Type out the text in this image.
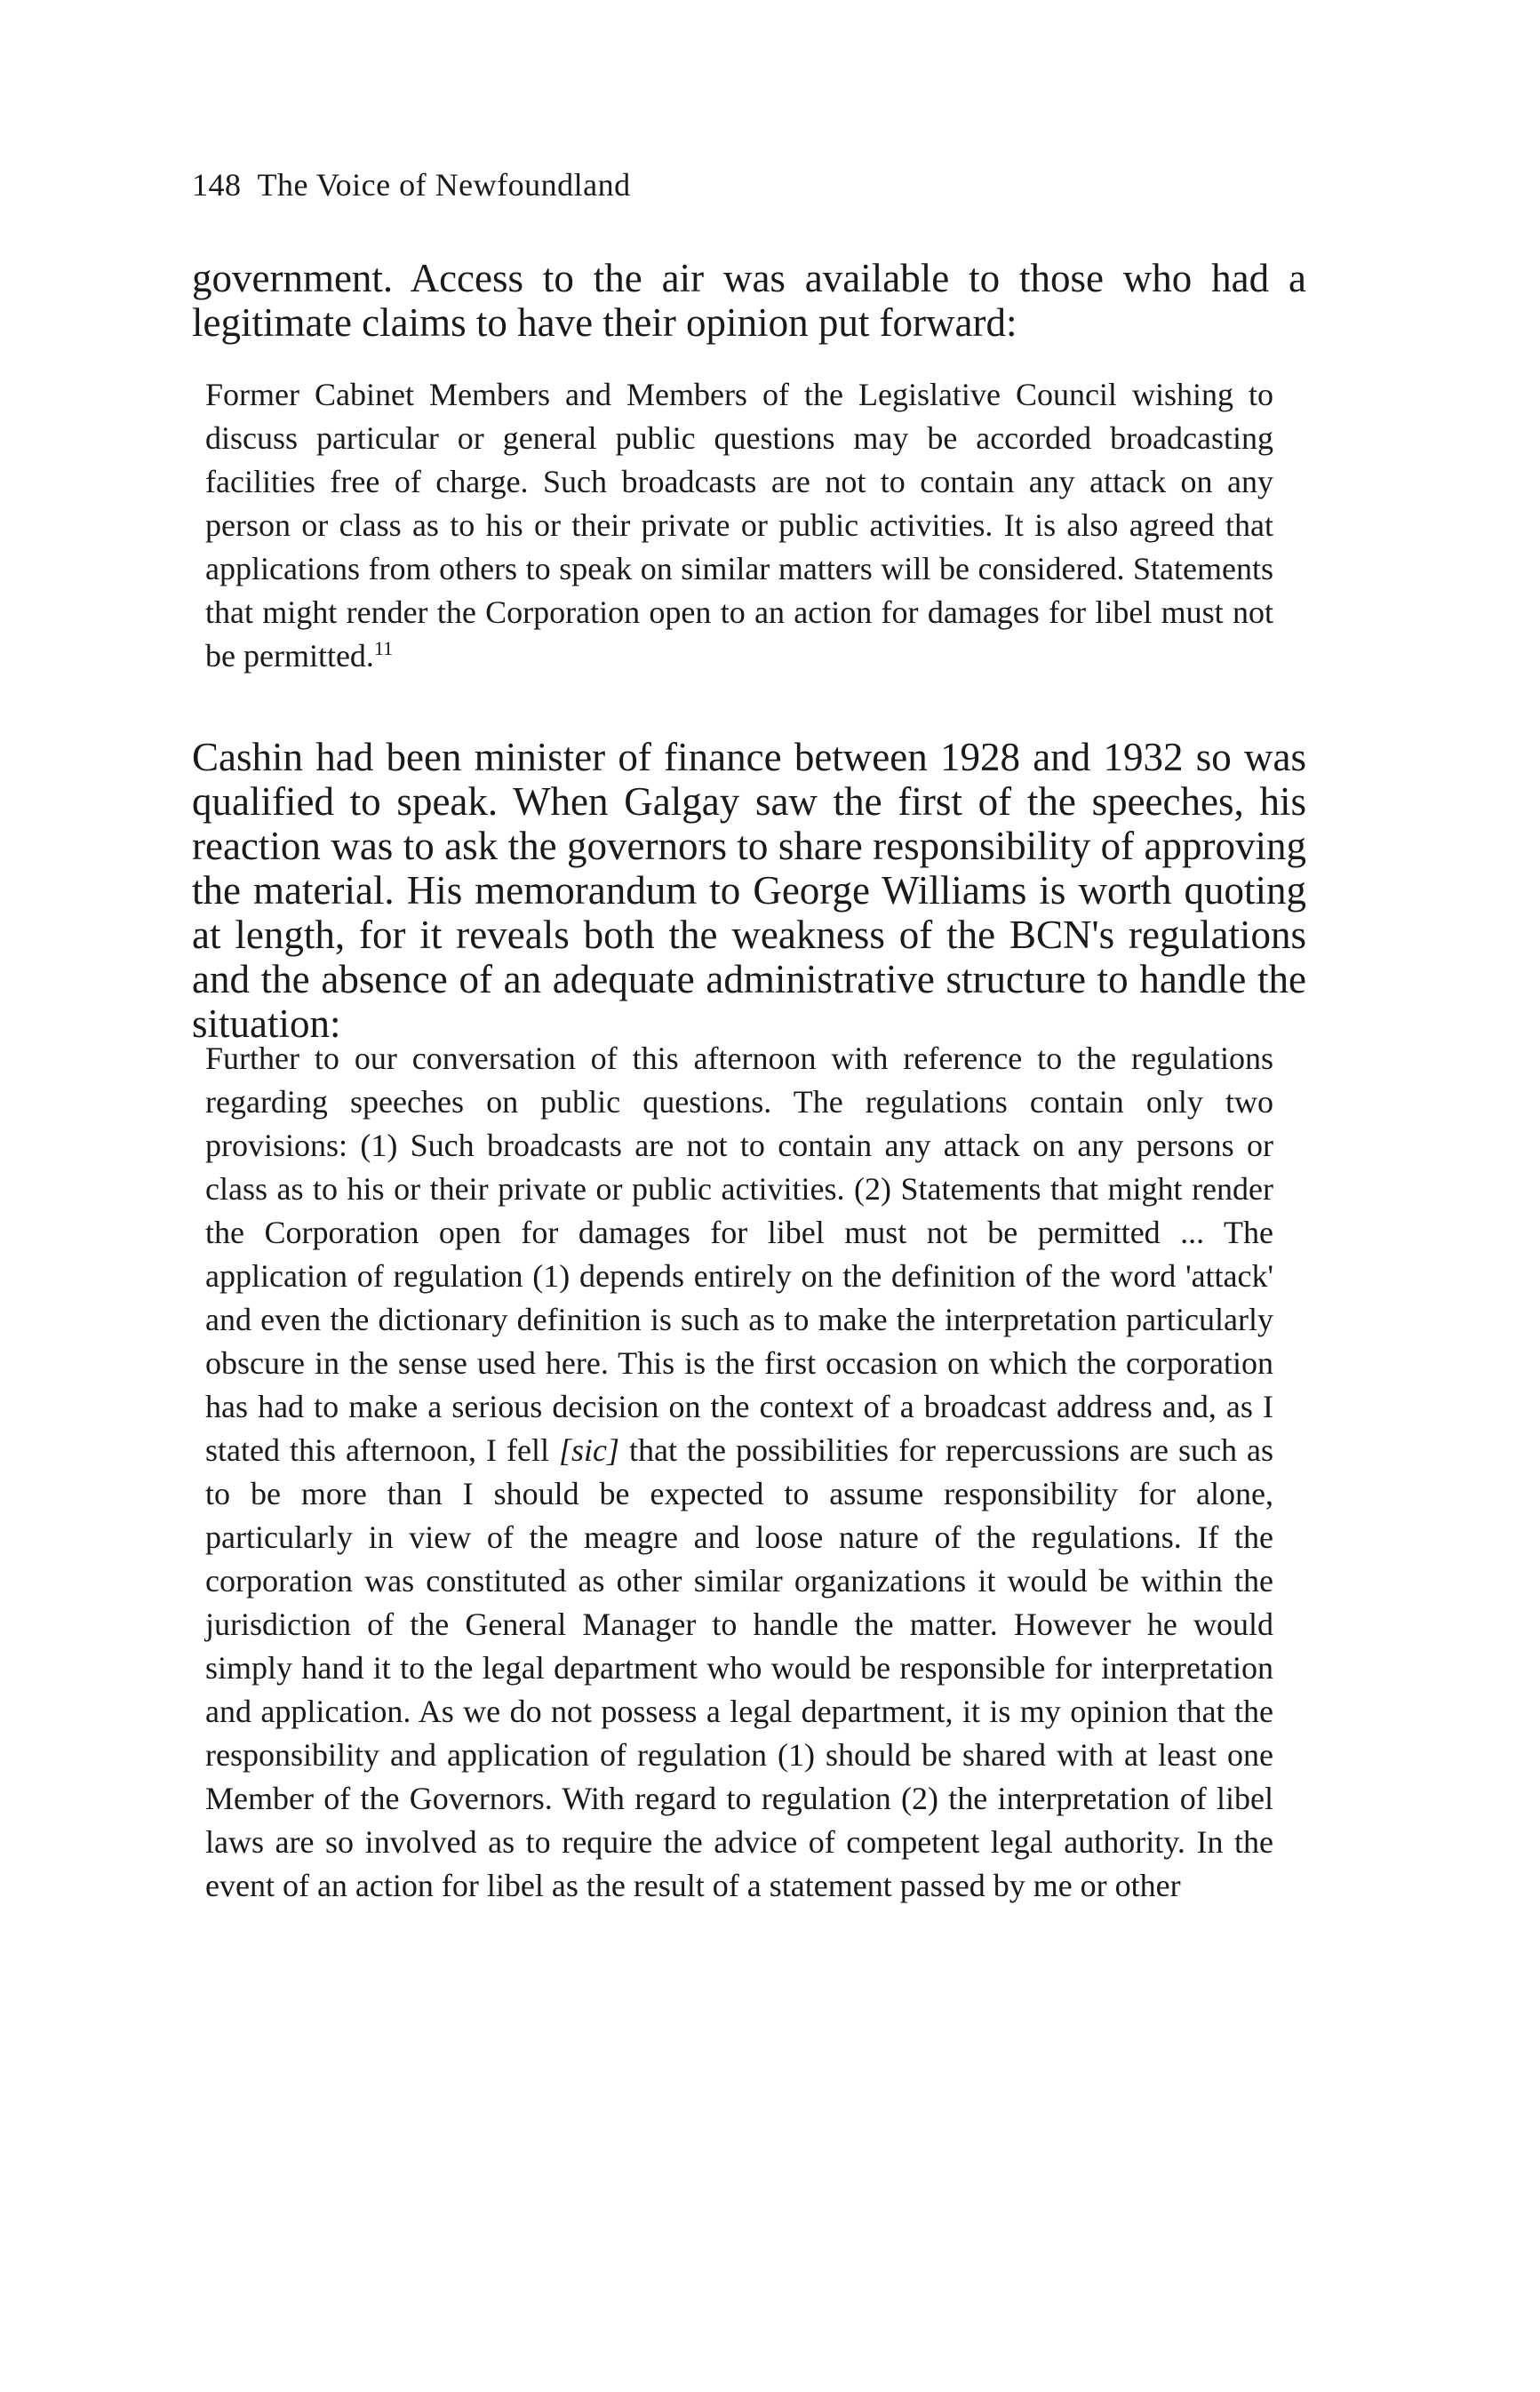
148 The Voice of Newfoundland

government. Access to the air was available to those who had a legitimate claims to have their opinion put forward:

Former Cabinet Members and Members of the Legislative Council wishing to discuss particular or general public questions may be accorded broadcasting facilities free of charge. Such broadcasts are not to contain any attack on any person or class as to his or their private or public activities. It is also agreed that applications from others to speak on similar matters will be considered. Statements that might render the Corporation open to an action for damages for libel must not be permitted.$^{11}$

Cashin had been minister of finance between 1928 and 1932 so was qualified to speak. When Galgay saw the first of the speeches, his reaction was to ask the governors to share responsibility of approving the material. His memorandum to George Williams is worth quoting at length, for it reveals both the weakness of the BCN's regulations and the absence of an adequate administrative structure to handle the situation:

Further to our conversation of this afternoon with reference to the regulations regarding speeches on public questions. The regulations contain only two provisions: (1) Such broadcasts are not to contain any attack on any persons or class as to his or their private or public activities. (2) Statements that might render the Corporation open for damages for libel must not be permitted ... The application of regulation (1) depends entirely on the definition of the word 'attack' and even the dictionary definition is such as to make the interpretation particularly obscure in the sense used here. This is the first occasion on which the corporation has had to make a serious decision on the context of a broadcast address and, as I stated this afternoon, I fell [sic] that the possibilities for repercussions are such as to be more than I should be expected to assume responsibility for alone, particularly in view of the meagre and loose nature of the regulations. If the corporation was constituted as other similar organizations it would be within the jurisdiction of the General Manager to handle the matter. However he would simply hand it to the legal department who would be responsible for interpretation and application. As we do not possess a legal department, it is my opinion that the responsibility and application of regulation (1) should be shared with at least one Member of the Governors. With regard to regulation (2) the interpretation of libel laws are so involved as to require the advice of competent legal authority. In the event of an action for libel as the result of a statement passed by me or other
